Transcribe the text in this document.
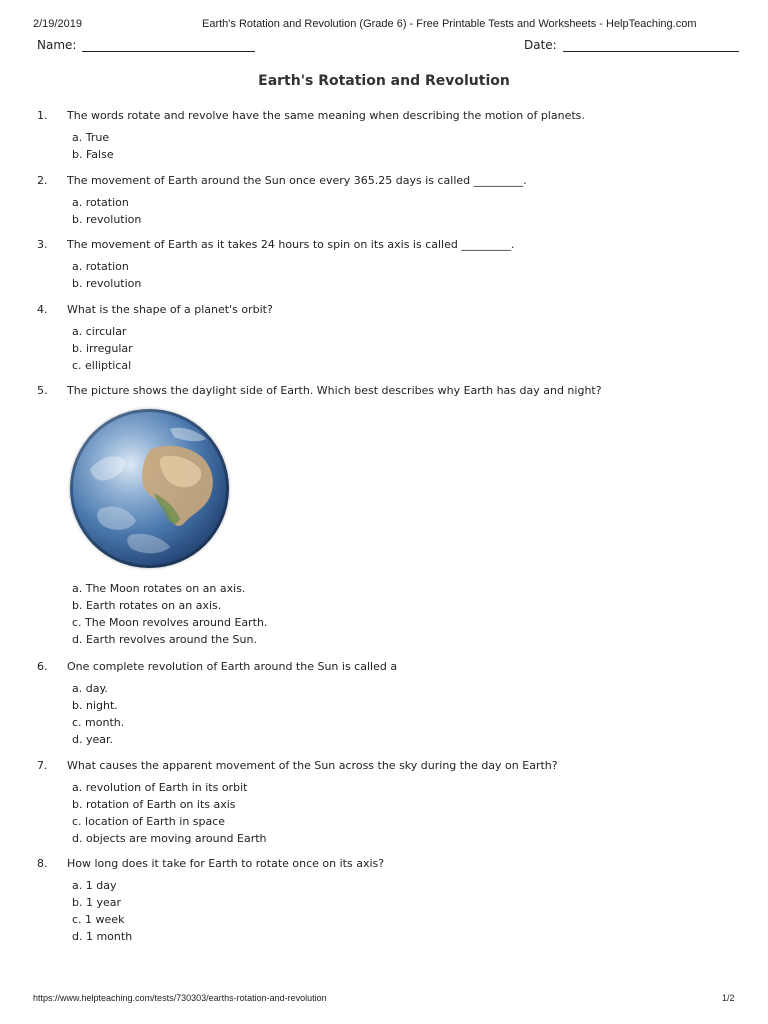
2/19/2019	Earth's Rotation and Revolution (Grade 6) - Free Printable Tests and Worksheets - HelpTeaching.com
Name:	Date:
Earth's Rotation and Revolution
1. The words rotate and revolve have the same meaning when describing the motion of planets.
a. True
b. False
2. The movement of Earth around the Sun once every 365.25 days is called _________.
a. rotation
b. revolution
3. The movement of Earth as it takes 24 hours to spin on its axis is called _________.
a. rotation
b. revolution
4. What is the shape of a planet's orbit?
a. circular
b. irregular
c. elliptical
5. The picture shows the daylight side of Earth. Which best describes why Earth has day and night?
a. The Moon rotates on an axis.
b. Earth rotates on an axis.
c. The Moon revolves around Earth.
d. Earth revolves around the Sun.
6. One complete revolution of Earth around the Sun is called a
a. day.
b. night.
c. month.
d. year.
7. What causes the apparent movement of the Sun across the sky during the day on Earth?
a. revolution of Earth in its orbit
b. rotation of Earth on its axis
c. location of Earth in space
d. objects are moving around Earth
8. How long does it take for Earth to rotate once on its axis?
a. 1 day
b. 1 year
c. 1 week
d. 1 month
https://www.helpteaching.com/tests/730303/earths-rotation-and-revolution	1/2
